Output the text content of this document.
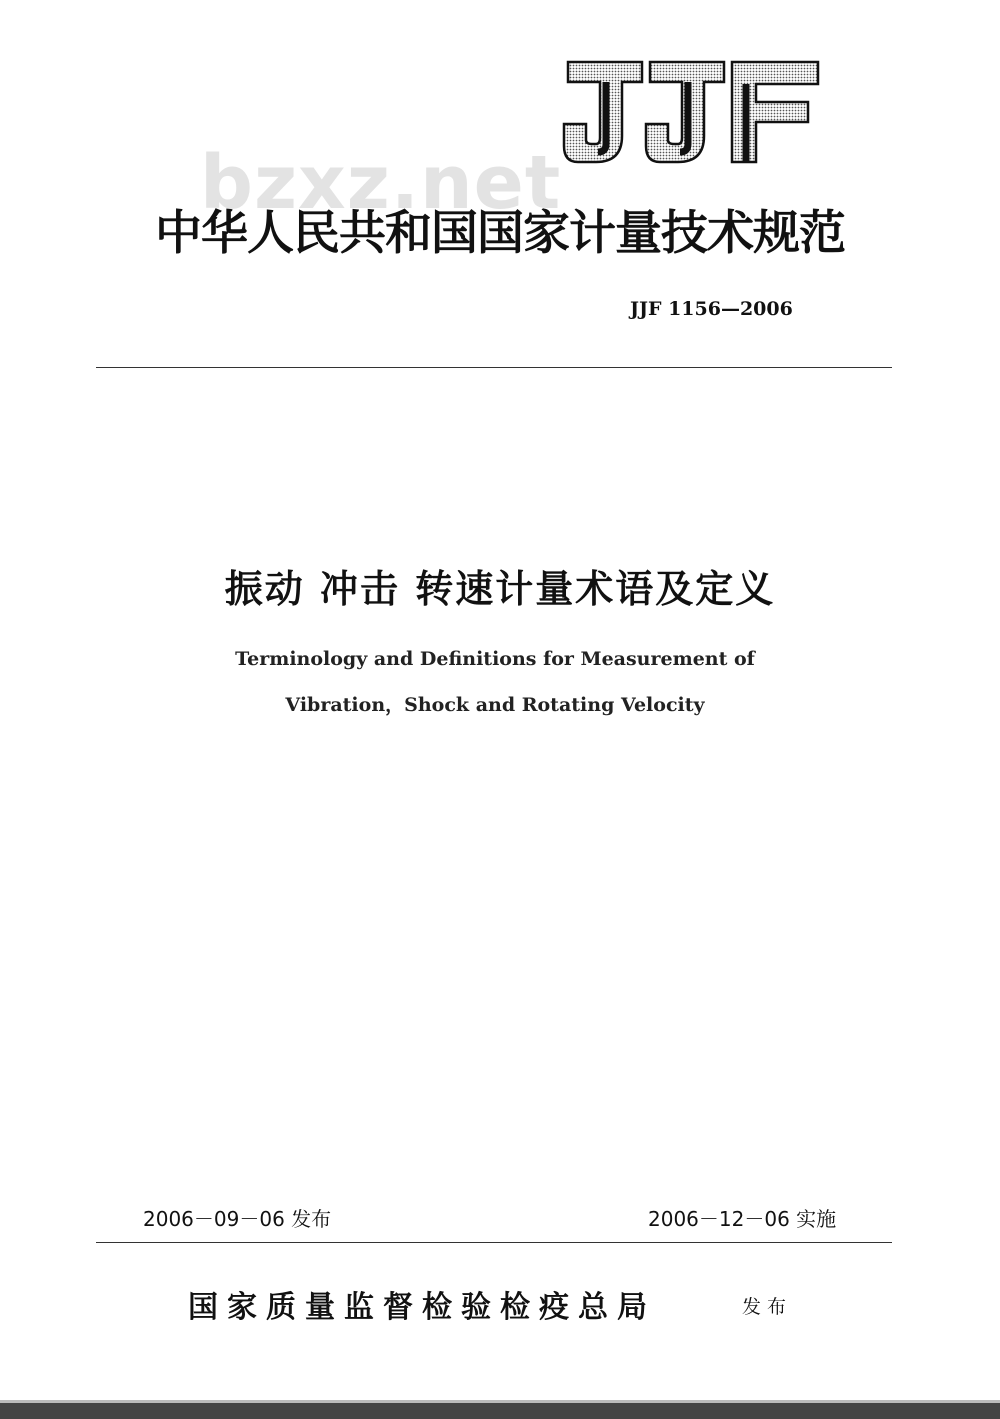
bzxz.net
中华人民共和国国家计量技术规范
JJF 1156—2006
振动 冲击 转速计量术语及定义
Terminology and Definitions for Measurement of
Vibration，Shock and Rotating Velocity
2006－09－06 发布	2006－12－06 实施
国家质量监督检验检疫总局	发布
